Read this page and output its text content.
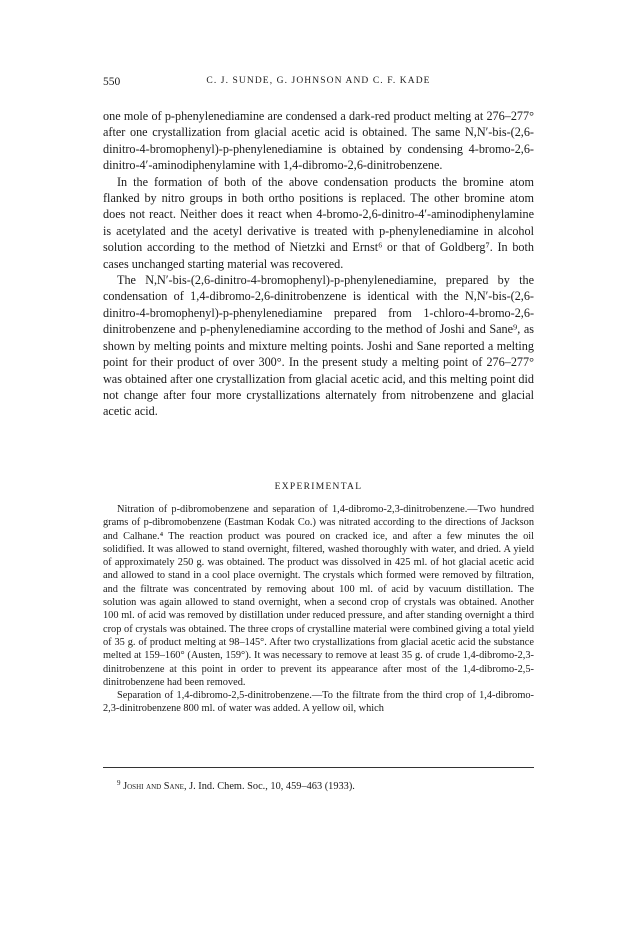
550	C. J. SUNDE, G. JOHNSON AND C. F. KADE

one mole of p-phenylenediamine are condensed a dark-red product melting at 276–277° after one crystallization from glacial acetic acid is obtained. The same N,N′-bis-(2,6-dinitro-4-bromophenyl)-p-phenylenediamine is obtained by condensing 4-bromo-2,6-dinitro-4′-aminodiphenylamine with 1,4-dibromo-2,6-dinitrobenzene.

In the formation of both of the above condensation products the bromine atom flanked by nitro groups in both ortho positions is replaced. The other bromine atom does not react. Neither does it react when 4-bromo-2,6-dinitro-4′-aminodiphenylamine is acetylated and the acetyl derivative is treated with p-phenylenediamine in alcohol solution according to the method of Nietzki and Ernst⁶ or that of Goldberg⁷. In both cases unchanged starting material was recovered.

The N,N′-bis-(2,6-dinitro-4-bromophenyl)-p-phenylenediamine, prepared by the condensation of 1,4-dibromo-2,6-dinitrobenzene is identical with the N,N′-bis-(2,6-dinitro-4-bromophenyl)-p-phenylenediamine prepared from 1-chloro-4-bromo-2,6-dinitrobenzene and p-phenylenediamine according to the method of Joshi and Sane⁹, as shown by melting points and mixture melting points. Joshi and Sane reported a melting point for their product of over 300°. In the present study a melting point of 276–277° was obtained after one crystallization from glacial acetic acid, and this melting point did not change after four more crystallizations alternately from nitrobenzene and glacial acetic acid.

EXPERIMENTAL

Nitration of p-dibromobenzene and separation of 1,4-dibromo-2,3-dinitrobenzene.—Two hundred grams of p-dibromobenzene (Eastman Kodak Co.) was nitrated according to the directions of Jackson and Calhane.⁴ The reaction product was poured on cracked ice, and after a few minutes the oil solidified. It was allowed to stand overnight, filtered, washed thoroughly with water, and dried. A yield of approximately 250 g. was obtained. The product was dissolved in 425 ml. of hot glacial acetic acid and allowed to stand in a cool place overnight. The crystals which formed were removed by filtration, and the filtrate was concentrated by removing about 100 ml. of acid by vacuum distillation. The solution was again allowed to stand overnight, when a second crop of crystals was obtained. Another 100 ml. of acid was removed by distillation under reduced pressure, and after standing overnight a third crop of crystals was obtained. The three crops of crystalline material were combined giving a total yield of 35 g. of product melting at 98–145°. After two crystallizations from glacial acetic acid the substance melted at 159–160° (Austen, 159°). It was necessary to remove at least 35 g. of crude 1,4-dibromo-2,3-dinitrobenzene at this point in order to prevent its appearance after most of the 1,4-dibromo-2,5-dinitrobenzene had been removed.

Separation of 1,4-dibromo-2,5-dinitrobenzene.—To the filtrate from the third crop of 1,4-dibromo-2,3-dinitrobenzene 800 ml. of water was added. A yellow oil, which

$^9$ Joshi and Sane, J. Ind. Chem. Soc., 10, 459–463 (1933).
